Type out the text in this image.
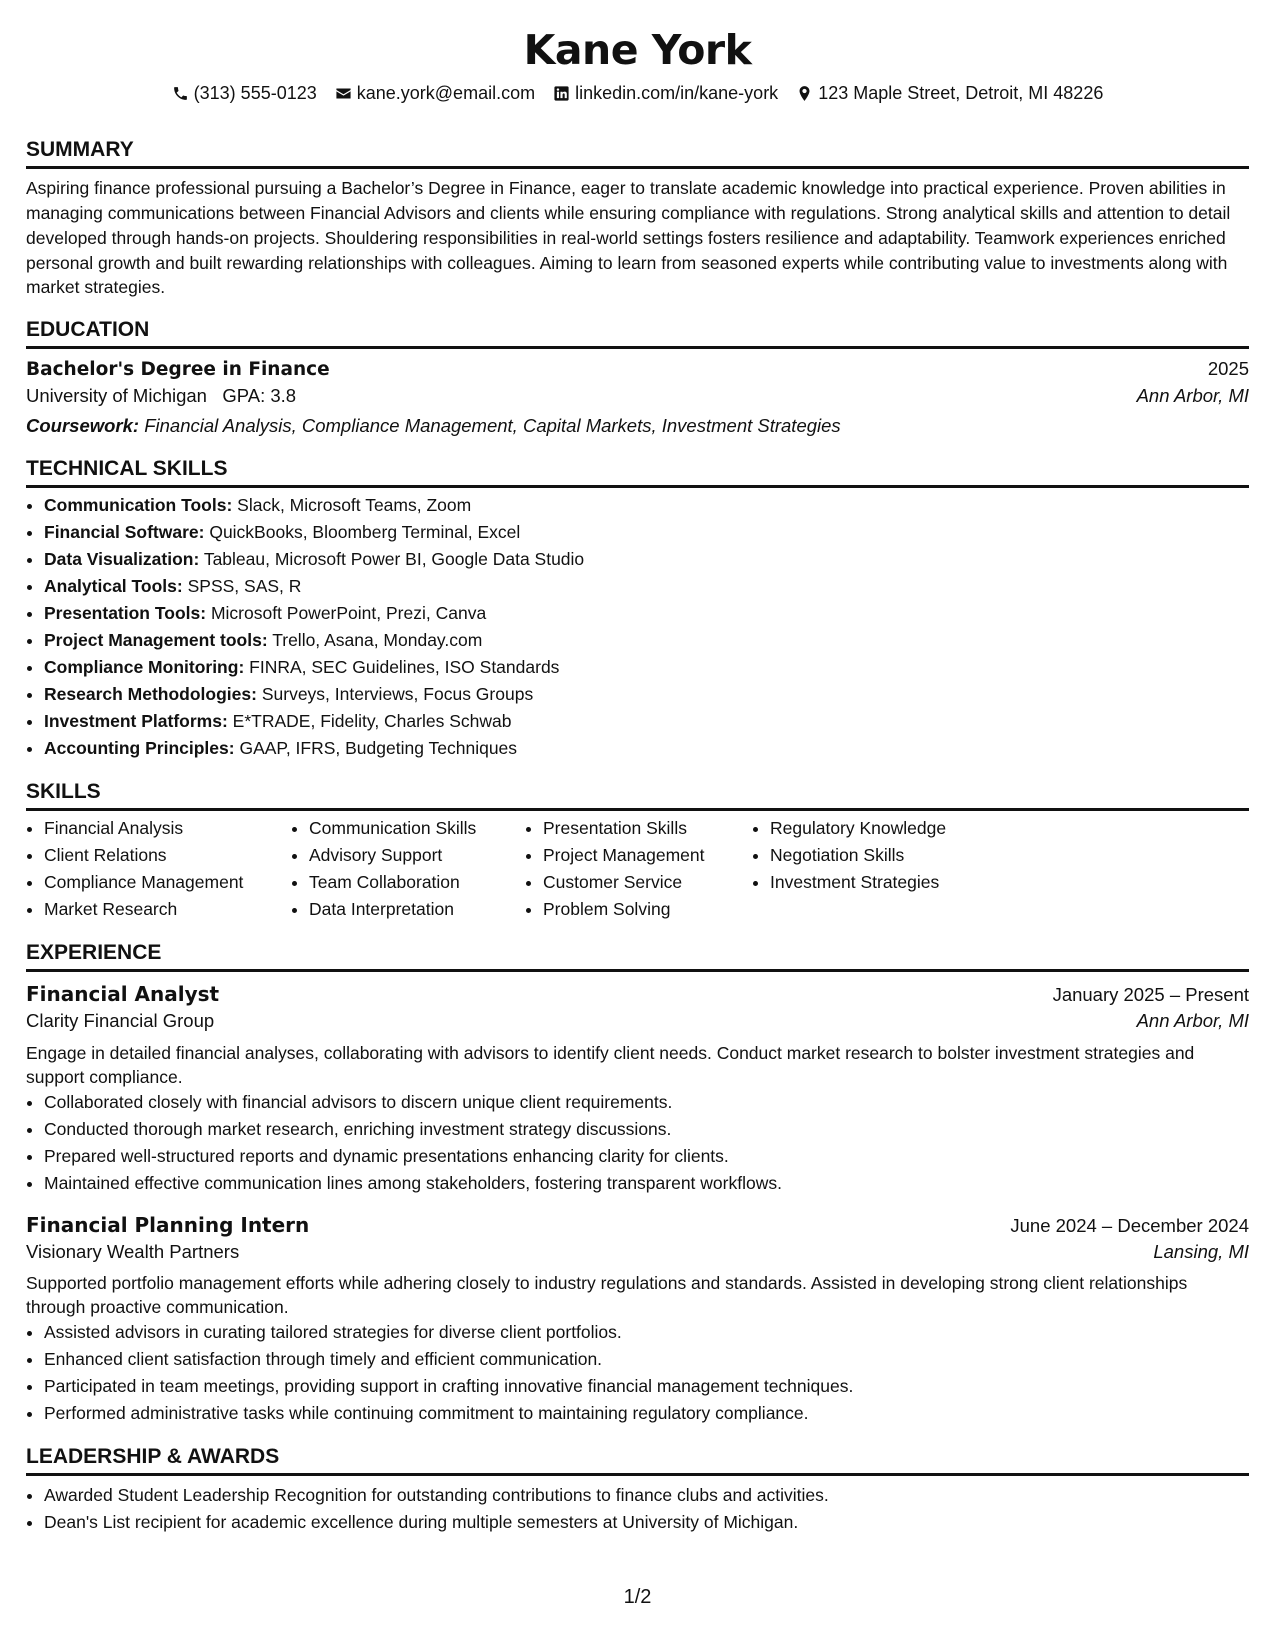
Kane York
(313) 555-0123 kane.york@email.com linkedin.com/in/kane-york 123 Maple Street, Detroit, MI 48226
SUMMARY

Aspiring finance professional pursuing a Bachelor’s Degree in Finance, eager to translate academic knowledge into practical experience. Proven abilities in managing communications between Financial Advisors and clients while ensuring compliance with regulations. Strong analytical skills and attention to detail developed through hands-on projects. Shouldering responsibilities in real-world settings fosters resilience and adaptability. Teamwork experiences enriched personal growth and built rewarding relationships with colleagues. Aiming to learn from seasoned experts while contributing value to investments along with market strategies.

EDUCATION
Bachelor's Degree in Finance	2025
University of Michigan GPA: 3.8	Ann Arbor, MI
Coursework: Financial Analysis, Compliance Management, Capital Markets, Investment Strategies
TECHNICAL SKILLS
• Communication Tools: Slack, Microsoft Teams, Zoom
• Financial Software: QuickBooks, Bloomberg Terminal, Excel
• Data Visualization: Tableau, Microsoft Power BI, Google Data Studio
• Analytical Tools: SPSS, SAS, R
• Presentation Tools: Microsoft PowerPoint, Prezi, Canva
• Project Management tools: Trello, Asana, Monday.com
• Compliance Monitoring: FINRA, SEC Guidelines, ISO Standards
• Research Methodologies: Surveys, Interviews, Focus Groups
• Investment Platforms: E*TRADE, Fidelity, Charles Schwab
• Accounting Principles: GAAP, IFRS, Budgeting Techniques
SKILLS
• Financial Analysis
• Client Relations
• Compliance Management
• Market Research
• Communication Skills
• Advisory Support
• Team Collaboration
• Data Interpretation
• Presentation Skills
• Project Management
• Customer Service
• Problem Solving
• Regulatory Knowledge
• Negotiation Skills
• Investment Strategies
EXPERIENCE
Financial Analyst	January 2025 – Present
Clarity Financial Group	Ann Arbor, MI
Engage in detailed financial analyses, collaborating with advisors to identify client needs. Conduct market research to bolster investment strategies and support compliance.
• Collaborated closely with financial advisors to discern unique client requirements.
• Conducted thorough market research, enriching investment strategy discussions.
• Prepared well-structured reports and dynamic presentations enhancing clarity for clients.
• Maintained effective communication lines among stakeholders, fostering transparent workflows.
Financial Planning Intern	June 2024 – December 2024
Visionary Wealth Partners	Lansing, MI
Supported portfolio management efforts while adhering closely to industry regulations and standards. Assisted in developing strong client relationships through proactive communication.
• Assisted advisors in curating tailored strategies for diverse client portfolios.
• Enhanced client satisfaction through timely and efficient communication.
• Participated in team meetings, providing support in crafting innovative financial management techniques.
• Performed administrative tasks while continuing commitment to maintaining regulatory compliance.
LEADERSHIP & AWARDS
• Awarded Student Leadership Recognition for outstanding contributions to finance clubs and activities.
• Dean's List recipient for academic excellence during multiple semesters at University of Michigan.
1/2
